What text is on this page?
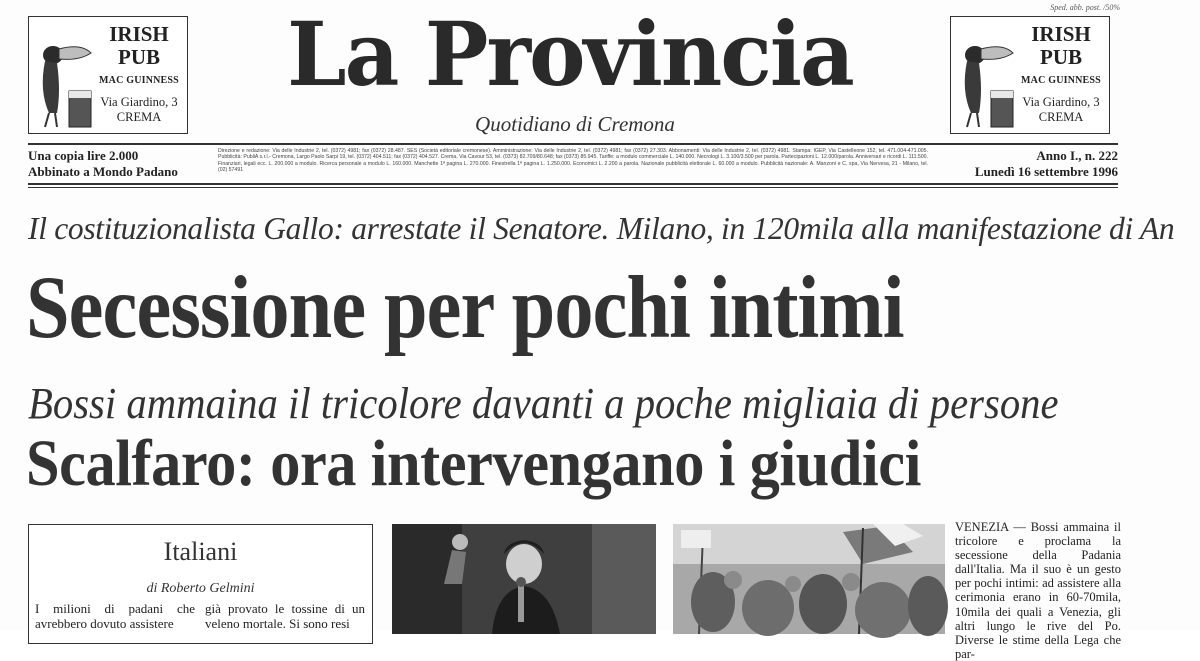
Sped. abb. post. /50%
IRISH
PUB
MAC GUINNESS
Via Giardino, 3
CREMA
La Provincia
Quotidiano di Cremona
IRISH
PUB
MAC GUINNESS
Via Giardino, 3
CREMA
Una copia lire 2.000
Abbinato a Mondo Padano
Direzione e redazione: Via delle Industrie 2, tel. (0372) 4981; fax (0372) 28.487. SES (Società editoriale cremonese). Amministrazione: Via delle Industrie 2, tel. (0372) 4981; fax (0372) 27.303. Abbonamenti: Via delle Industrie 2, tel. (0372) 4981. Stampa: IGEP, Via Castelleone 152, tel. 471.004-471.005. Pubblicità: PubliA s.r.l.- Cremona, Largo Paolo Sarpi 19, tel. (0372) 404.511; fax (0372) 404.527. Crema, Via Cavour 53, tel. (0373) 82.709/80.648; fax (0373) 85.945. Tariffe: a modulo commerciale L. 140.000. Necrologi L. 3.100/3.500 per parola. Partecipazioni L. 12.000/parola. Anniversari e ricordi L. 111.500. Finanziari, legali ecc. L. 200.000 a modulo. Ricerca personale a modulo L. 160.000. Manchette 1ª pagina L. 270.000. Finestrella 1ª pagina L. 1.250.000. Economici L. 2.200 a parola. Nazionale pubblicità elettorale L. 60.000 a modulo. Pubblicità nazionale: A. Manzoni e C. spa, Via Nervesa, 21 - Milano, tel. (02) 57491
Anno I., n. 222
Lunedì 16 settembre 1996
Il costituzionalista Gallo: arrestate il Senatore. Milano, in 120mila alla manifestazione di An
Secessione per pochi intimi
Bossi ammaina il tricolore davanti a poche migliaia di persone
Scalfaro: ora intervengano i giudici
Italiani
di Roberto Gelmini
I milioni di padani che avrebbero dovuto assistere
già provato le tossine di un veleno mortale. Si sono resi
VENEZIA — Bossi ammaina il tricolore e proclama la secessione della Padania dall'Italia. Ma il suo è un gesto per pochi intimi: ad assistere alla cerimonia erano in 60-70mila, 10mila dei quali a Venezia, gli altri lungo le rive del Po. Diverse le stime della Lega che par-
